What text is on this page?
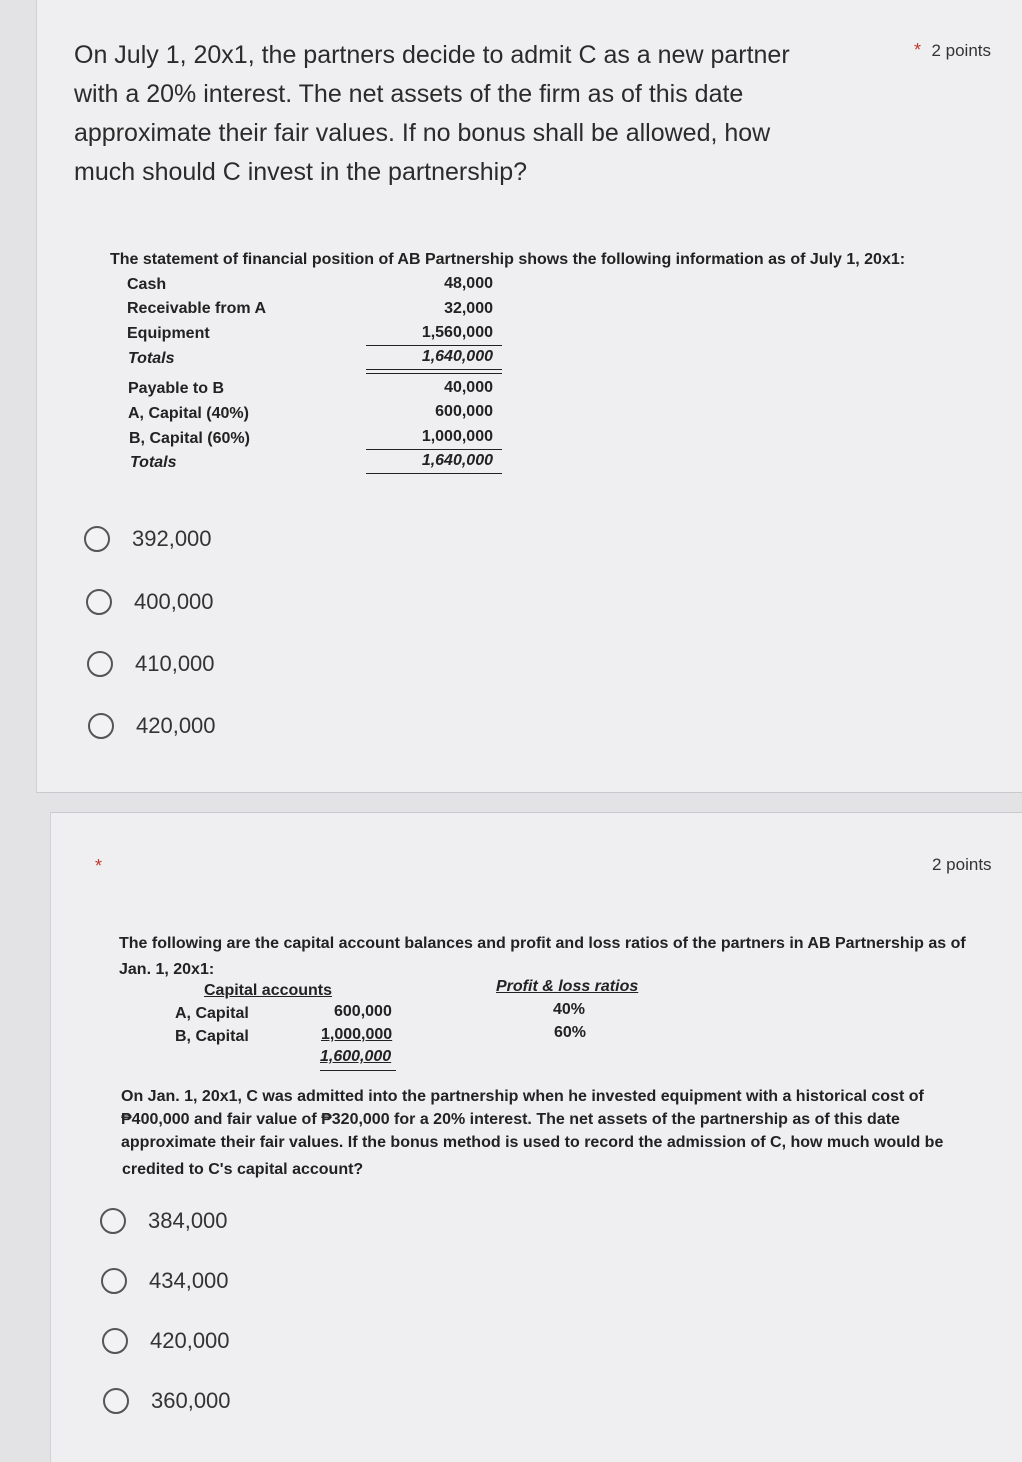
On July 1, 20x1, the partners decide to admit C as a new partner
with a 20% interest. The net assets of the firm as of this date
approximate their fair values. If no bonus shall be allowed, how
much should C invest in the partnership?
* 2 points
The statement of financial position of AB Partnership shows the following information as of July 1, 20x1:
Cash	48,000
Receivable from A	32,000
Equipment	1,560,000
Totals	1,640,000
Payable to B	40,000
A, Capital (40%)	600,000
B, Capital (60%)	1,000,000
Totals	1,640,000
392,000
400,000
410,000
420,000
*	2 points
The following are the capital account balances and profit and loss ratios of the partners in AB Partnership as of
Jan. 1, 20x1:
Capital accounts	Profit & loss ratios
A, Capital	600,000	40%
B, Capital	1,000,000	60%
1,600,000
On Jan. 1, 20x1, C was admitted into the partnership when he invested equipment with a historical cost of
₱400,000 and fair value of ₱320,000 for a 20% interest. The net assets of the partnership as of this date
approximate their fair values. If the bonus method is used to record the admission of C, how much would be
credited to C's capital account?
384,000
434,000
420,000
360,000
